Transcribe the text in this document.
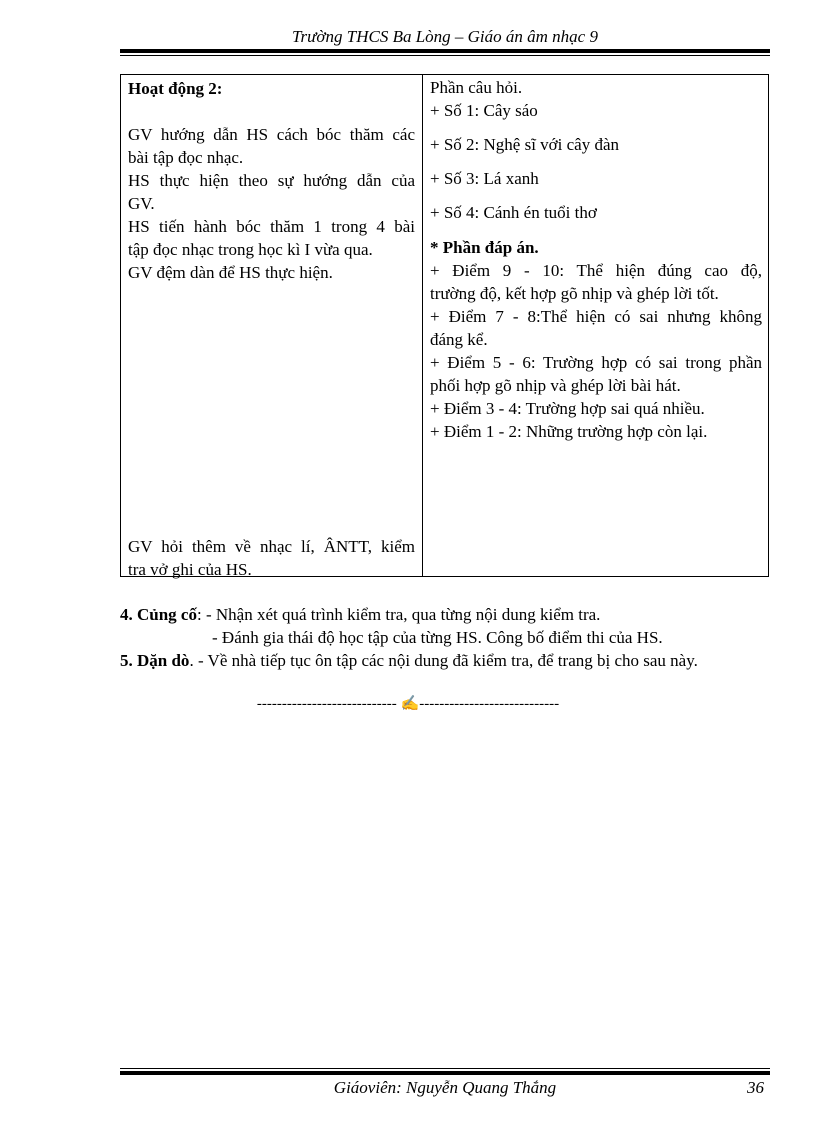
Trường THCS Ba Lòng – Giáo án âm nhạc 9
Hoạt động 2:
GV hướng dẫn HS cách bóc thăm các
bài tập đọc nhạc.
HS thực hiện theo sự hướng dẫn của
GV.
HS tiến hành bóc thăm 1 trong 4 bài
tập đọc nhạc trong học kì I vừa qua.
GV đệm dàn để HS thực hiện.
GV hỏi thêm về nhạc lí, ÂNTT, kiểm
tra vở ghi của HS.
Phần câu hỏi.
+ Số 1: Cây sáo
+ Số 2: Nghệ sĩ với cây đàn
+ Số 3: Lá xanh
+ Số 4: Cánh én tuổi thơ
* Phần đáp án.
+ Điểm 9 - 10: Thể hiện đúng cao độ,
trường độ, kết hợp gõ nhịp và ghép lời tốt.
+ Điểm 7 - 8:Thể hiện có sai nhưng không
đáng kể.
+ Điểm 5 - 6: Trường hợp có sai trong phần
phối hợp gõ nhịp và ghép lời bài hát.
+ Điểm 3 - 4: Trường hợp sai quá nhiều.
+ Điểm 1 - 2: Những trường hợp còn lại.
4. Củng cố: - Nhận xét quá trình kiểm tra, qua từng nội dung kiểm tra.
- Đánh gia thái độ học tập của từng HS. Công bố điểm thi của HS.
5. Dặn dò. - Về nhà tiếp tục ôn tập các nội dung đã kiểm tra, để trang bị cho sau này.
---------------------------- ✍----------------------------
Giáoviên: Nguyễn Quang Thắng	36
